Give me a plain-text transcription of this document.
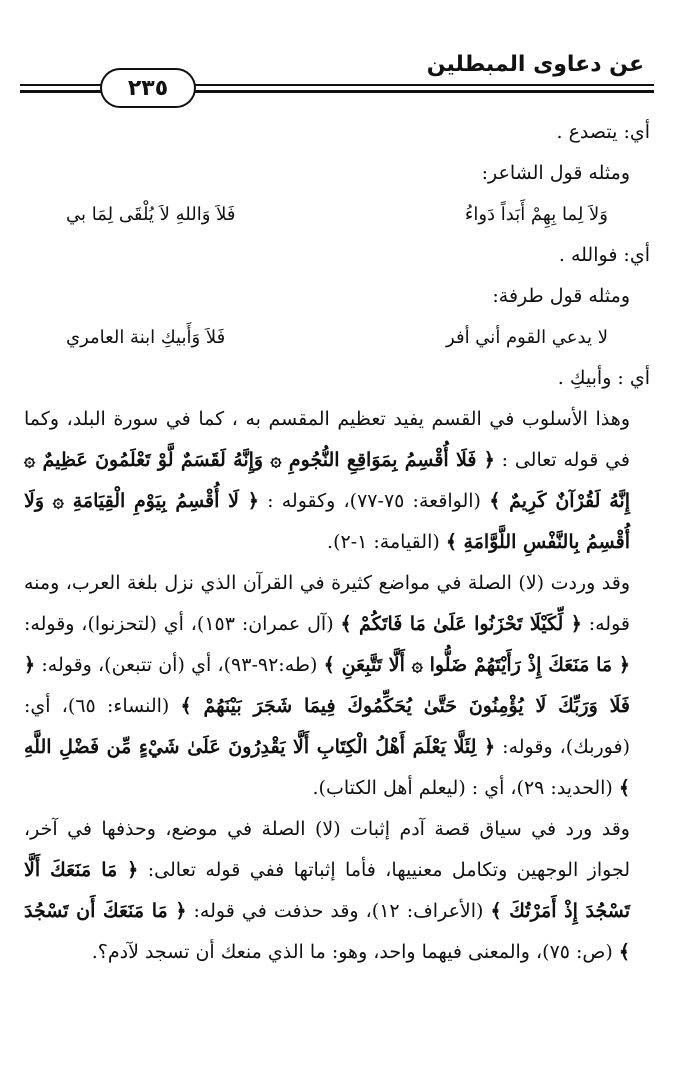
عن دعاوى المبطلين
٢٣٥

أي: يتصدع .

ومثله قول الشاعر:

فَلاَ وَاللهِ لاَ يُلْقَى لِمَا بي	وَلاَ لِما بِهِمْ أَبَداً دَواءُ

أي: فوالله .

ومثله قول طرفة:

فَلاَ وَأَبيكِ ابنة العامري	لا يدعي القوم أني أفر

أي : وأبيكِ .

وهذا الأسلوب في القسم يفيد تعظيم المقسم به ، كما في سورة البلد، وكما في قوله تعالى : ﴿ فَلَا أُقْسِمُ بِمَوَاقِعِ النُّجُومِ ۞ وَإِنَّهُ لَقَسَمٌ لَّوْ تَعْلَمُونَ عَظِيمٌ ۞ إِنَّهُ لَقُرْآنٌ كَرِيمٌ ﴾ (الواقعة: ٧٥-٧٧)، وكقوله : ﴿ لَا أُقْسِمُ بِيَوْمِ الْقِيَامَةِ ۞ وَلَا أُقْسِمُ بِالنَّفْسِ اللَّوَّامَةِ ﴾ (القيامة: ١-٢).

وقد وردت (لا) الصلة في مواضع كثيرة في القرآن الذي نزل بلغة العرب، ومنه قوله: ﴿ لِّكَيْلَا تَحْزَنُوا عَلَىٰ مَا فَاتَكُمْ ﴾ (آل عمران: ١٥٣)، أي (لتحزنوا)، وقوله: ﴿ مَا مَنَعَكَ إِذْ رَأَيْتَهُمْ ضَلُّوا ۞ أَلَّا تَتَّبِعَنِ ﴾ (طه:٩٢-٩٣)، أي (أن تتبعن)، وقوله: ﴿ فَلَا وَرَبِّكَ لَا يُؤْمِنُونَ حَتَّىٰ يُحَكِّمُوكَ فِيمَا شَجَرَ بَيْنَهُمْ ﴾ (النساء: ٦٥)، أي: (فوربك)، وقوله: ﴿ لِئَلَّا يَعْلَمَ أَهْلُ الْكِتَابِ أَلَّا يَقْدِرُونَ عَلَىٰ شَيْءٍ مِّن فَضْلِ اللَّهِ ﴾ (الحديد: ٢٩)، أي : (ليعلم أهل الكتاب).

وقد ورد في سياق قصة آدم إثبات (لا) الصلة في موضع، وحذفها في آخر، لجواز الوجهين وتكامل معنييها، فأما إثباتها ففي قوله تعالى: ﴿ مَا مَنَعَكَ أَلَّا تَسْجُدَ إِذْ أَمَرْتُكَ ﴾ (الأعراف: ١٢)، وقد حذفت في قوله: ﴿ مَا مَنَعَكَ أَن تَسْجُدَ ﴾ (ص: ٧٥)، والمعنى فيهما واحد، وهو: ما الذي منعك أن تسجد لآدم؟.
